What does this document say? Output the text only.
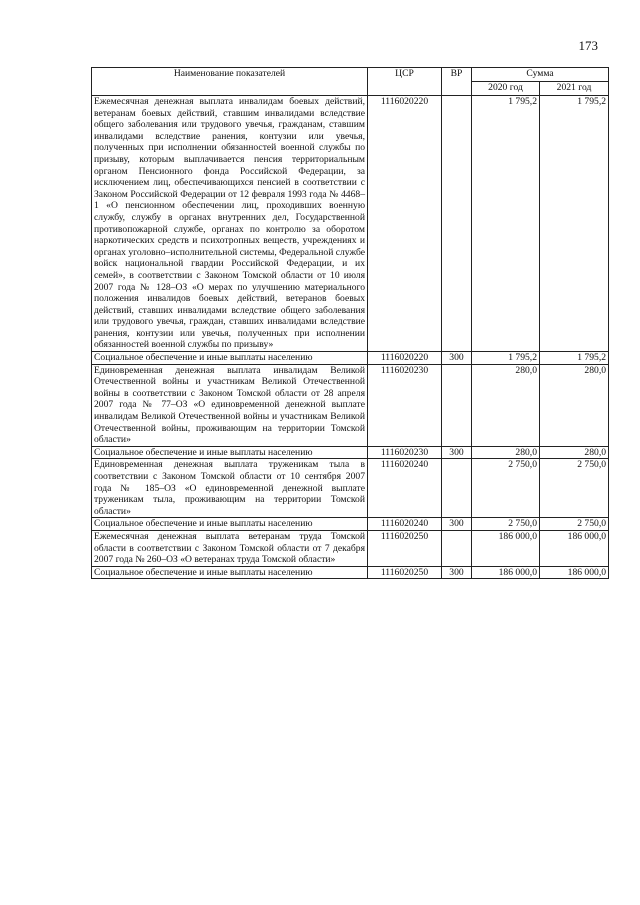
173
Наименование показателей	ЦСР	ВР	Сумма	
			2020 год	2021 год
Ежемесячная денежная выплата инвалидам боевых действий, ветеранам боевых действий, ставшим инвалидами вследствие общего заболевания или трудового увечья, гражданам, ставшим инвалидами вследствие ранения, контузии или увечья, полученных при исполнении обязанностей военной службы по призыву, которым выплачивается пенсия территориальным органом Пенсионного фонда Российской Федерации, за исключением лиц, обеспечивающихся пенсией в соответствии с Законом Российской Федерации от 12 февраля 1993 года № 4468–1 «О пенсионном обеспечении лиц, проходивших военную службу, службу в органах внутренних дел, Государственной противопожарной службе, органах по контролю за оборотом наркотических средств и психотропных веществ, учреждениях и органах уголовно–исполнительной системы, Федеральной службе войск национальной гвардии Российской Федерации, и их семей», в соответствии с Законом Томской области от 10 июля 2007 года № 128–ОЗ «О мерах по улучшению материального положения инвалидов боевых действий, ветеранов боевых действий, ставших инвалидами вследствие общего заболевания или трудового увечья, граждан, ставших инвалидами вследствие ранения, контузии или увечья, полученных при исполнении обязанностей военной службы по призыву»	1116020220		1 795,2	1 795,2
Социальное обеспечение и иные выплаты населению	1116020220	300	1 795,2	1 795,2
Единовременная денежная выплата инвалидам Великой Отечественной войны и участникам Великой Отечественной войны в соответствии с Законом Томской области от 28 апреля 2007 года № 77–ОЗ «О единовременной денежной выплате инвалидам Великой Отечественной войны и участникам Великой Отечественной войны, проживающим на территории Томской области»	1116020230		280,0	280,0
Социальное обеспечение и иные выплаты населению	1116020230	300	280,0	280,0
Единовременная денежная выплата труженикам тыла в соответствии с Законом Томской области от 10 сентября 2007 года № 185–ОЗ «О единовременной денежной выплате труженикам тыла, проживающим на территории Томской области»	1116020240		2 750,0	2 750,0
Социальное обеспечение и иные выплаты населению	1116020240	300	2 750,0	2 750,0
Ежемесячная денежная выплата ветеранам труда Томской области в соответствии с Законом Томской области от 7 декабря 2007 года № 260–ОЗ «О ветеранах труда Томской области»	1116020250		186 000,0	186 000,0
Социальное обеспечение и иные выплаты населению	1116020250	300	186 000,0	186 000,0
